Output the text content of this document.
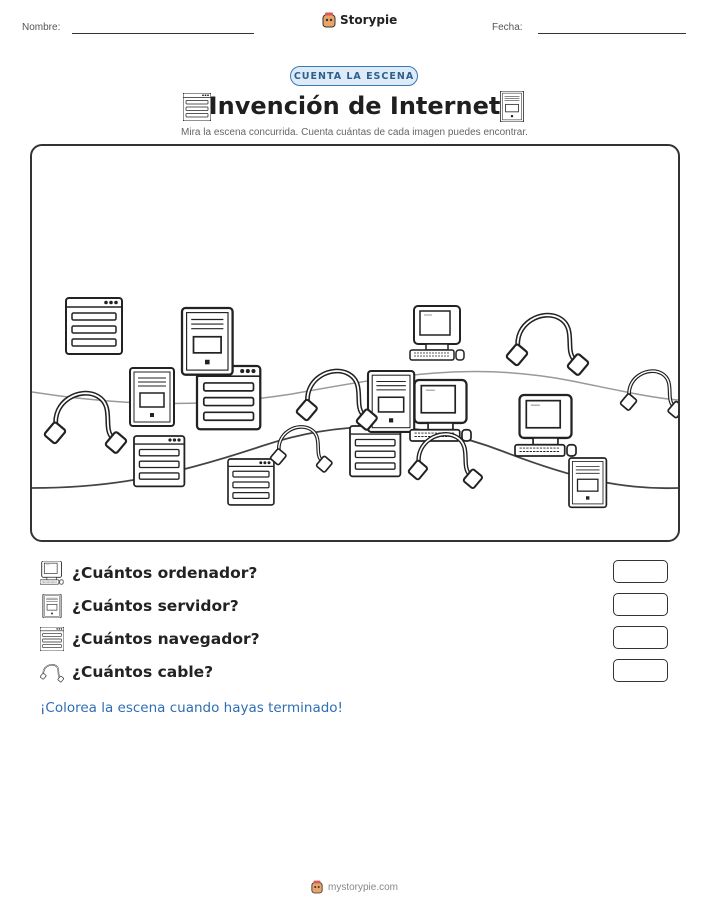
Nombre:
Storypie
Fecha:
CUENTA LA ESCENA
Invención de Internet
Mira la escena concurrida. Cuenta cuántas de cada imagen puedes encontrar.
¿Cuántos ordenador?
¿Cuántos servidor?
¿Cuántos navegador?
¿Cuántos cable?
¡Colorea la escena cuando hayas terminado!
mystorypie.com
